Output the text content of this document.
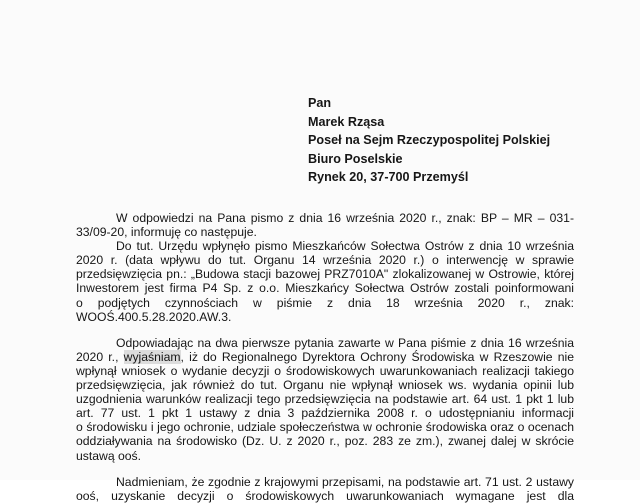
Pan
Marek Rząsa
Poseł na Sejm Rzeczypospolitej Polskiej
Biuro Poselskie
Rynek 20, 37-700 Przemyśl
W odpowiedzi na Pana pismo z dnia 16 września 2020 r., znak: BP – MR – 031-
33/09-20, informuję co następuje.
Do tut. Urzędu wpłynęło pismo Mieszkańców Sołectwa Ostrów z dnia 10 września
2020 r. (data wpływu do tut. Organu 14 września 2020 r.) o interwencję w sprawie
przedsięwzięcia pn.: „Budowa stacji bazowej PRZ7010A" zlokalizowanej w Ostrowie, której
Inwestorem jest firma P4 Sp. z o.o. Mieszkańcy Sołectwa Ostrów zostali poinformowani
o podjętych czynnościach w piśmie z dnia 18 września 2020 r., znak:
WOOŚ.400.5.28.2020.AW.3.
Odpowiadając na dwa pierwsze pytania zawarte w Pana piśmie z dnia 16 września
2020 r., wyjaśniam, iż do Regionalnego Dyrektora Ochrony Środowiska w Rzeszowie nie
wpłynął wniosek o wydanie decyzji o środowiskowych uwarunkowaniach realizacji takiego
przedsięwzięcia, jak również do tut. Organu nie wpłynął wniosek ws. wydania opinii lub
uzgodnienia warunków realizacji tego przedsięwzięcia na podstawie art. 64 ust. 1 pkt 1 lub
art. 77 ust. 1 pkt 1 ustawy z dnia 3 października 2008 r. o udostępnianiu informacji
o środowisku i jego ochronie, udziale społeczeństwa w ochronie środowiska oraz o ocenach
oddziaływania na środowisko (Dz. U. z 2020 r., poz. 283 ze zm.), zwanej dalej w skrócie
ustawą ooś.
Nadmieniam, że zgodnie z krajowymi przepisami, na podstawie art. 71 ust. 2 ustawy
ooś, uzyskanie decyzji o środowiskowych uwarunkowaniach wymagane jest dla
